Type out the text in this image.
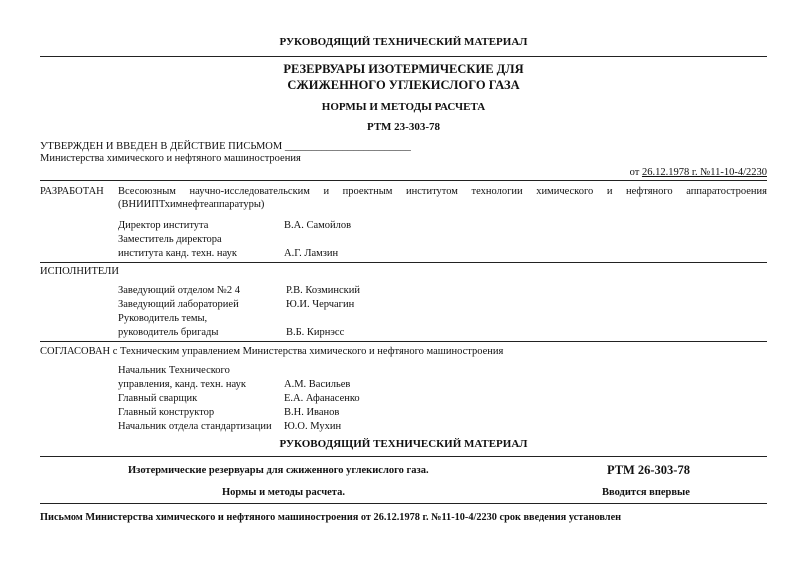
РУКОВОДЯЩИЙ ТЕХНИЧЕСКИЙ МАТЕРИАЛ
РЕЗЕРВУАРЫ ИЗОТЕРМИЧЕСКИЕ ДЛЯ
СЖИЖЕННОГО УГЛЕКИСЛОГО ГАЗА
НОРМЫ И МЕТОДЫ РАСЧЕТА
РТМ 23-303-78
УТВЕРЖДЕН И ВВЕДЕН В ДЕЙСТВИЕ ПИСЬМОМ ________________________
Министерства химического и нефтяного машиностроения
от 26.12.1978 г. №11-10-4/2230
РАЗРАБОТАН Всесоюзным научно-исследовательским и проектным институтом технологии химического и нефтяного аппаратостроения
(ВНИИПТхимнефтеаппаратуры)
Директор института	В.А. Самойлов
Заместитель директора
института канд. техн. наук	А.Г. Ламзин
ИСПОЛНИТЕЛИ
Заведующий отделом №2 4	Р.В. Козминский
Заведующий лабораторией	Ю.И. Черчагин
Руководитель темы,
руководитель бригады	В.Б. Кирнэсс
СОГЛАСОВАН с Техническим управлением Министерства химического и нефтяного машиностроения
Начальник Технического
управления, канд. техн. наук	А.М. Васильев
Главный сварщик	Е.А. Афанасенко
Главный конструктор	В.Н. Иванов
Начальник отдела стандартизации Ю.О. Мухин
РУКОВОДЯЩИЙ ТЕХНИЧЕСКИЙ МАТЕРИАЛ
Изотермические резервуары для сжиженного углекислого газа.	РТМ 26-303-78
Нормы и методы расчета.	Вводится впервые
Письмом Министерства химического и нефтяного машиностроения от 26.12.1978 г. №11-10-4/2230 срок введения установлен
